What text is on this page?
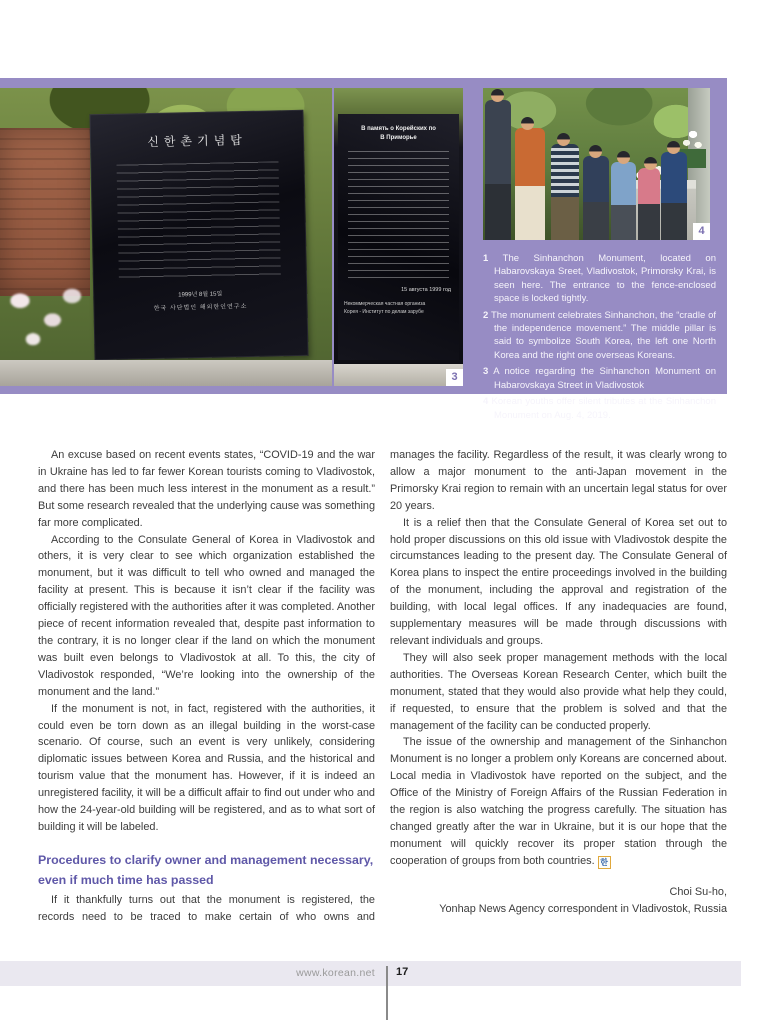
신한촌기념탑
1999년 8월 15일
한국 사단법인 해외한인연구소
В память о Корейских по
В Приморье
15 августа 1999 год
Некоммерческая частная организа
Корея - Институт по делам зарубе
3
4
1 The Sinhanchon Monument, located on Habarovskaya Sreet, Vladivostok, Primorsky Krai, is seen here. The entrance to the fence-enclosed space is locked tightly.
2 The monument celebrates Sinhanchon, the “cradle of the independence movement.” The middle pillar is said to symbolize South Korea, the left one North Korea and the right one overseas Koreans.
3 A notice regarding the Sinhanchon Monument on Habarovskaya Street in Vladivostok
4 Korean youths offer silent tributes at the Sinhanchon Monument on Aug. 4, 2019.

An excuse based on recent events states, “COVID-19 and the war in Ukraine has led to far fewer Korean tourists coming to Vladivostok, and there has been much less interest in the monument as a result.” But some research revealed that the underlying cause was something far more complicated.

According to the Consulate General of Korea in Vladivostok and others, it is very clear to see which organization established the monument, but it was difficult to tell who owned and managed the facility at present. This is because it isn’t clear if the facility was officially registered with the authorities after it was completed. Another piece of recent information revealed that, despite past information to the contrary, it is no longer clear if the land on which the monument was built even belongs to Vladivostok at all. To this, the city of Vladivostok responded, “We’re looking into the ownership of the monument and the land.”

If the monument is not, in fact, registered with the authorities, it could even be torn down as an illegal building in the worst-case scenario. Of course, such an event is very unlikely, considering diplomatic issues between Korea and Russia, and the historical and tourism value that the monument has. However, if it is indeed an unregistered facility, it will be a difficult affair to find out under who and how the 24-year-old building will be registered, and as to what sort of building it will be labeled.

Procedures to clarify owner and management necessary, even if much time has passed

If it thankfully turns out that the monument is registered, the records need to be traced to make certain of who owns and

manages the facility. Regardless of the result, it was clearly wrong to allow a major monument to the anti-Japan movement in the Primorsky Krai region to remain with an uncertain legal status for over 20 years.

It is a relief then that the Consulate General of Korea set out to hold proper discussions on this old issue with Vladivostok despite the circumstances leading to the present day. The Consulate General of Korea plans to inspect the entire proceedings involved in the building of the monument, including the approval and registration of the building, with local legal offices. If any inadequacies are found, supplementary measures will be made through discussions with relevant individuals and groups.

They will also seek proper management methods with the local authorities. The Overseas Korean Research Center, which built the monument, stated that they would also provide what help they could, if requested, to ensure that the problem is solved and that the management of the facility can be conducted properly.

The issue of the ownership and management of the Sinhanchon Monument is no longer a problem only Koreans are concerned about. Local media in Vladivostok have reported on the subject, and the Office of the Ministry of Foreign Affairs of the Russian Federation in the region is also watching the progress carefully. The situation has changed greatly after the war in Ukraine, but it is our hope that the monument will quickly recover its proper station through the cooperation of groups from both countries. 한

Choi Su-ho,
Yonhap News Agency correspondent in Vladivostok, Russia
www.korean.net 17
